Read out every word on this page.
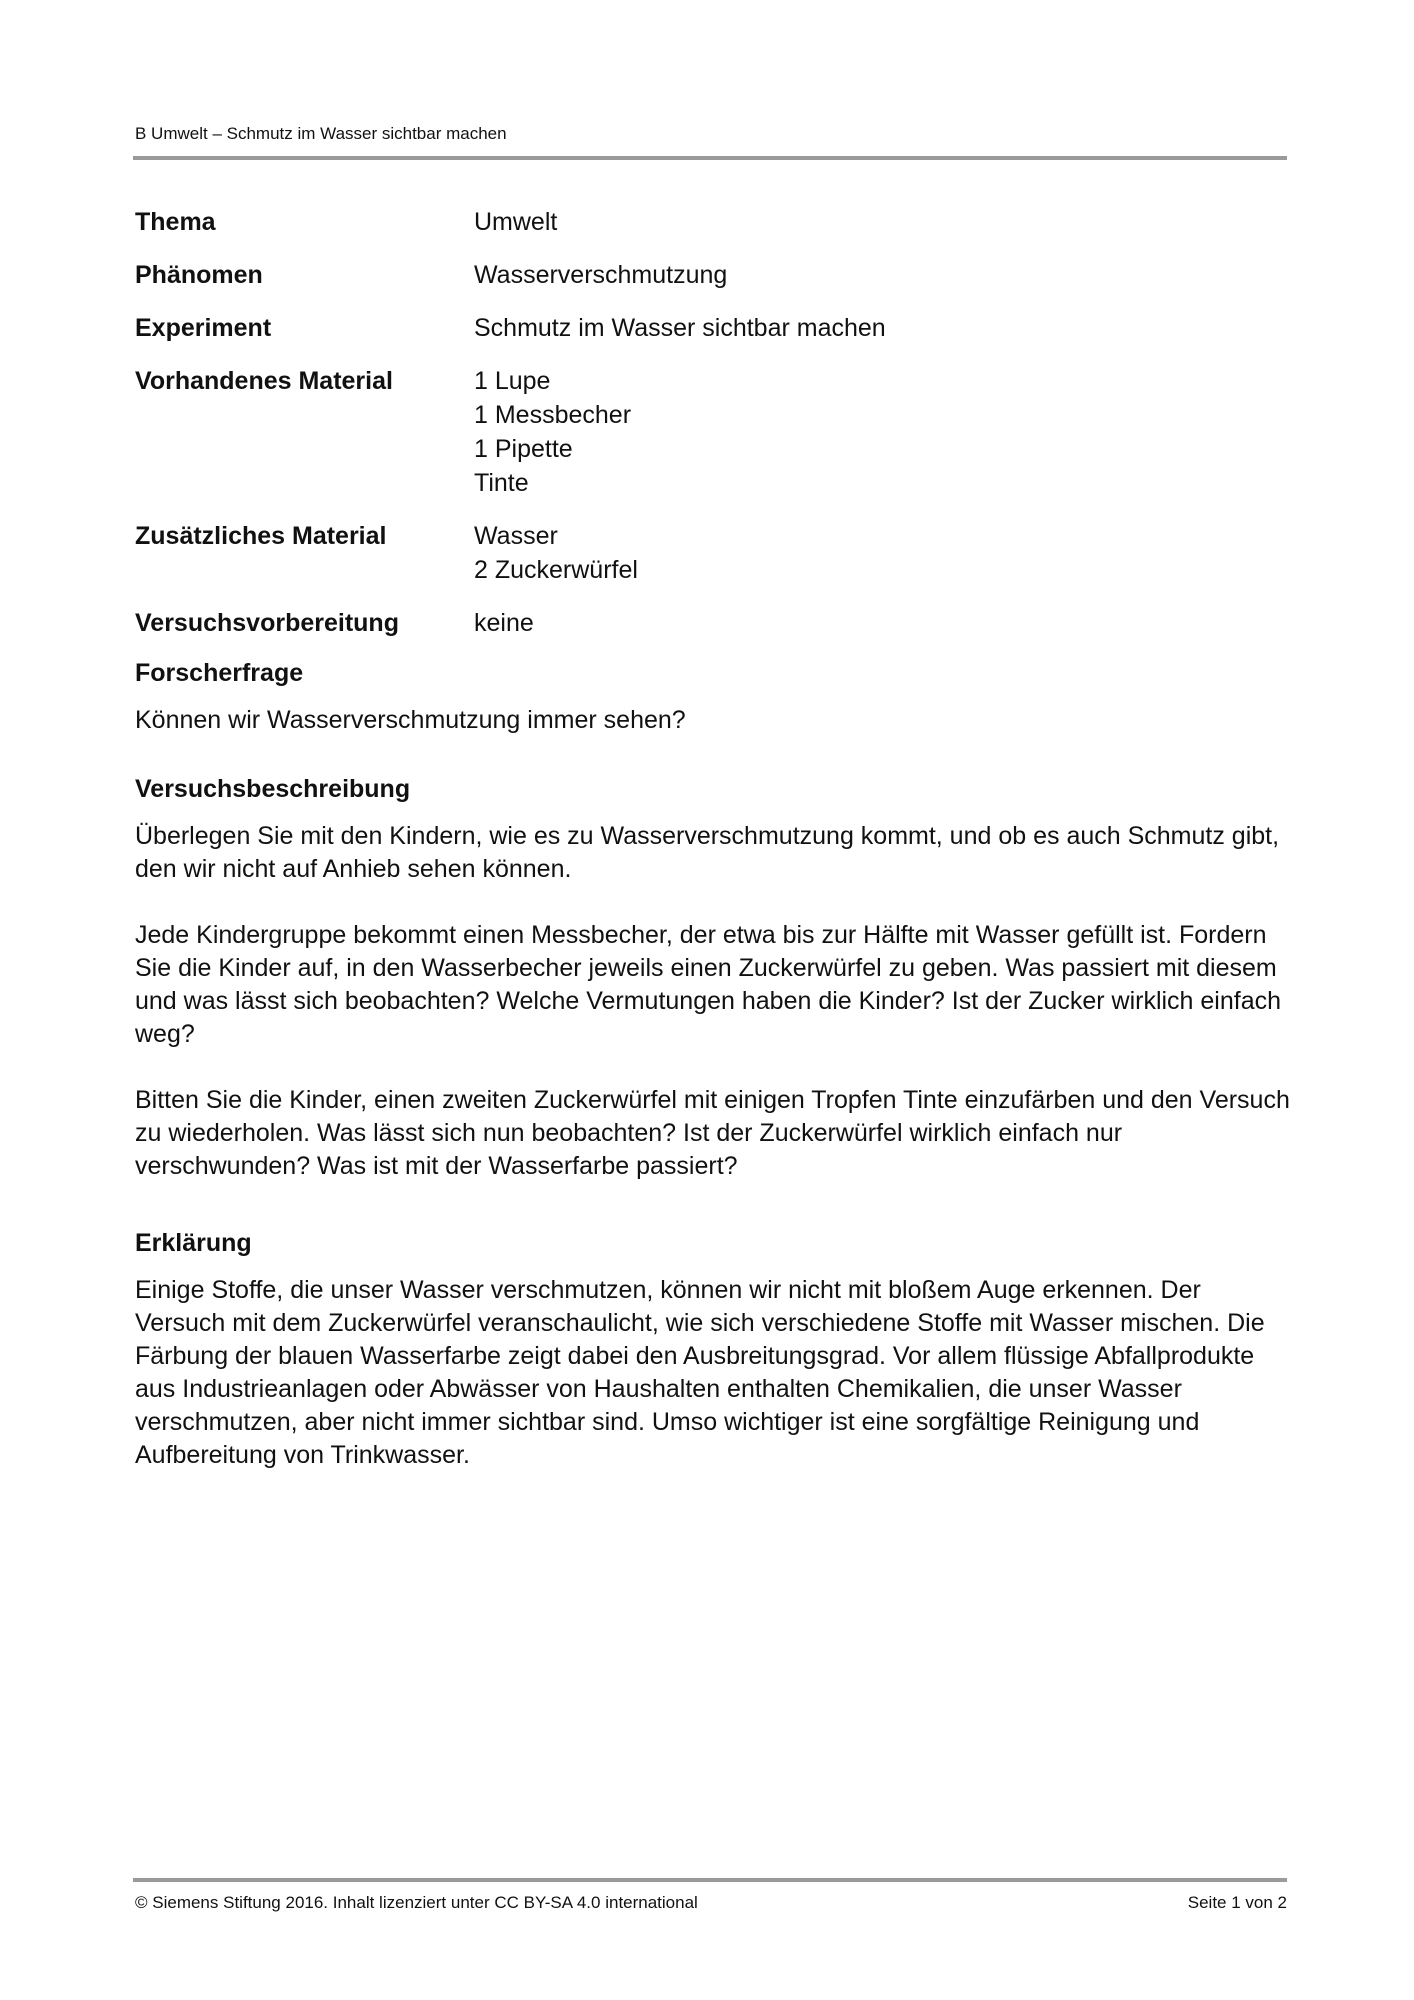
B Umwelt – Schmutz im Wasser sichtbar machen
Thema	Umwelt
Phänomen	Wasserverschmutzung
Experiment	Schmutz im Wasser sichtbar machen
Vorhandenes Material	1 Lupe
1 Messbecher
1 Pipette
Tinte
Zusätzliches Material	Wasser
2 Zuckerwürfel
Versuchsvorbereitung	keine

Forscherfrage

Können wir Wasserverschmutzung immer sehen?

Versuchsbeschreibung

Überlegen Sie mit den Kindern, wie es zu Wasserverschmutzung kommt, und ob es auch Schmutz gibt, den wir nicht auf Anhieb sehen können.

Jede Kindergruppe bekommt einen Messbecher, der etwa bis zur Hälfte mit Wasser gefüllt ist. Fordern Sie die Kinder auf, in den Wasserbecher jeweils einen Zuckerwürfel zu geben. Was passiert mit diesem und was lässt sich beobachten? Welche Vermutungen haben die Kinder? Ist der Zucker wirklich einfach weg?

Bitten Sie die Kinder, einen zweiten Zuckerwürfel mit einigen Tropfen Tinte einzufärben und den Versuch zu wiederholen. Was lässt sich nun beobachten? Ist der Zuckerwürfel wirklich einfach nur verschwunden? Was ist mit der Wasserfarbe passiert?

Erklärung

Einige Stoffe, die unser Wasser verschmutzen, können wir nicht mit bloßem Auge erkennen. Der Versuch mit dem Zuckerwürfel veranschaulicht, wie sich verschiedene Stoffe mit Wasser mischen. Die Färbung der blauen Wasserfarbe zeigt dabei den Ausbreitungsgrad. Vor allem flüssige Abfallprodukte aus Industrieanlagen oder Abwässer von Haushalten enthalten Chemikalien, die unser Wasser verschmutzen, aber nicht immer sichtbar sind. Umso wichtiger ist eine sorgfältige Reinigung und Aufbereitung von Trinkwasser.

© Siemens Stiftung 2016. Inhalt lizenziert unter CC BY-SA 4.0 international	Seite 1 von 2
